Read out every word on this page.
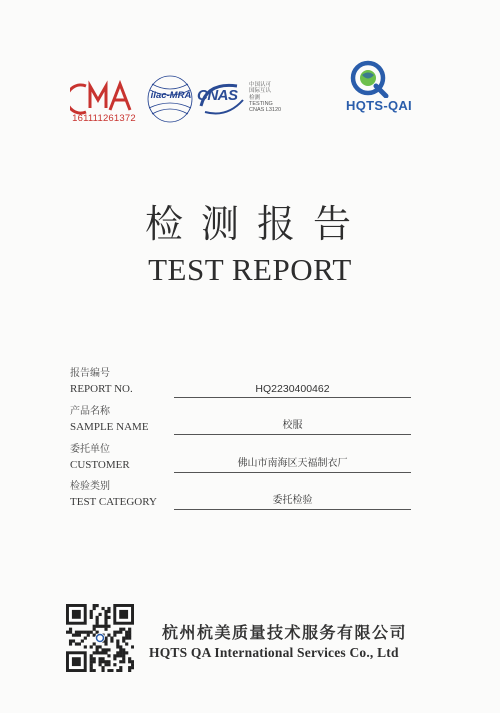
161111261372
ilac-MRA CNAS
中国认可
国际互认
检测
TESTING
CNAS L3120	HQTS-QAI
检测报告
TEST REPORT
报告编号
REPORT NO.	HQ2230400462
产品名称
SAMPLE NAME	校服
委托单位
CUSTOMER	佛山市南海区天福制衣厂
检验类别
TEST CATEGORY	委托检验
杭州杭美质量技术服务有限公司
HQTS QA International Services Co., Ltd
